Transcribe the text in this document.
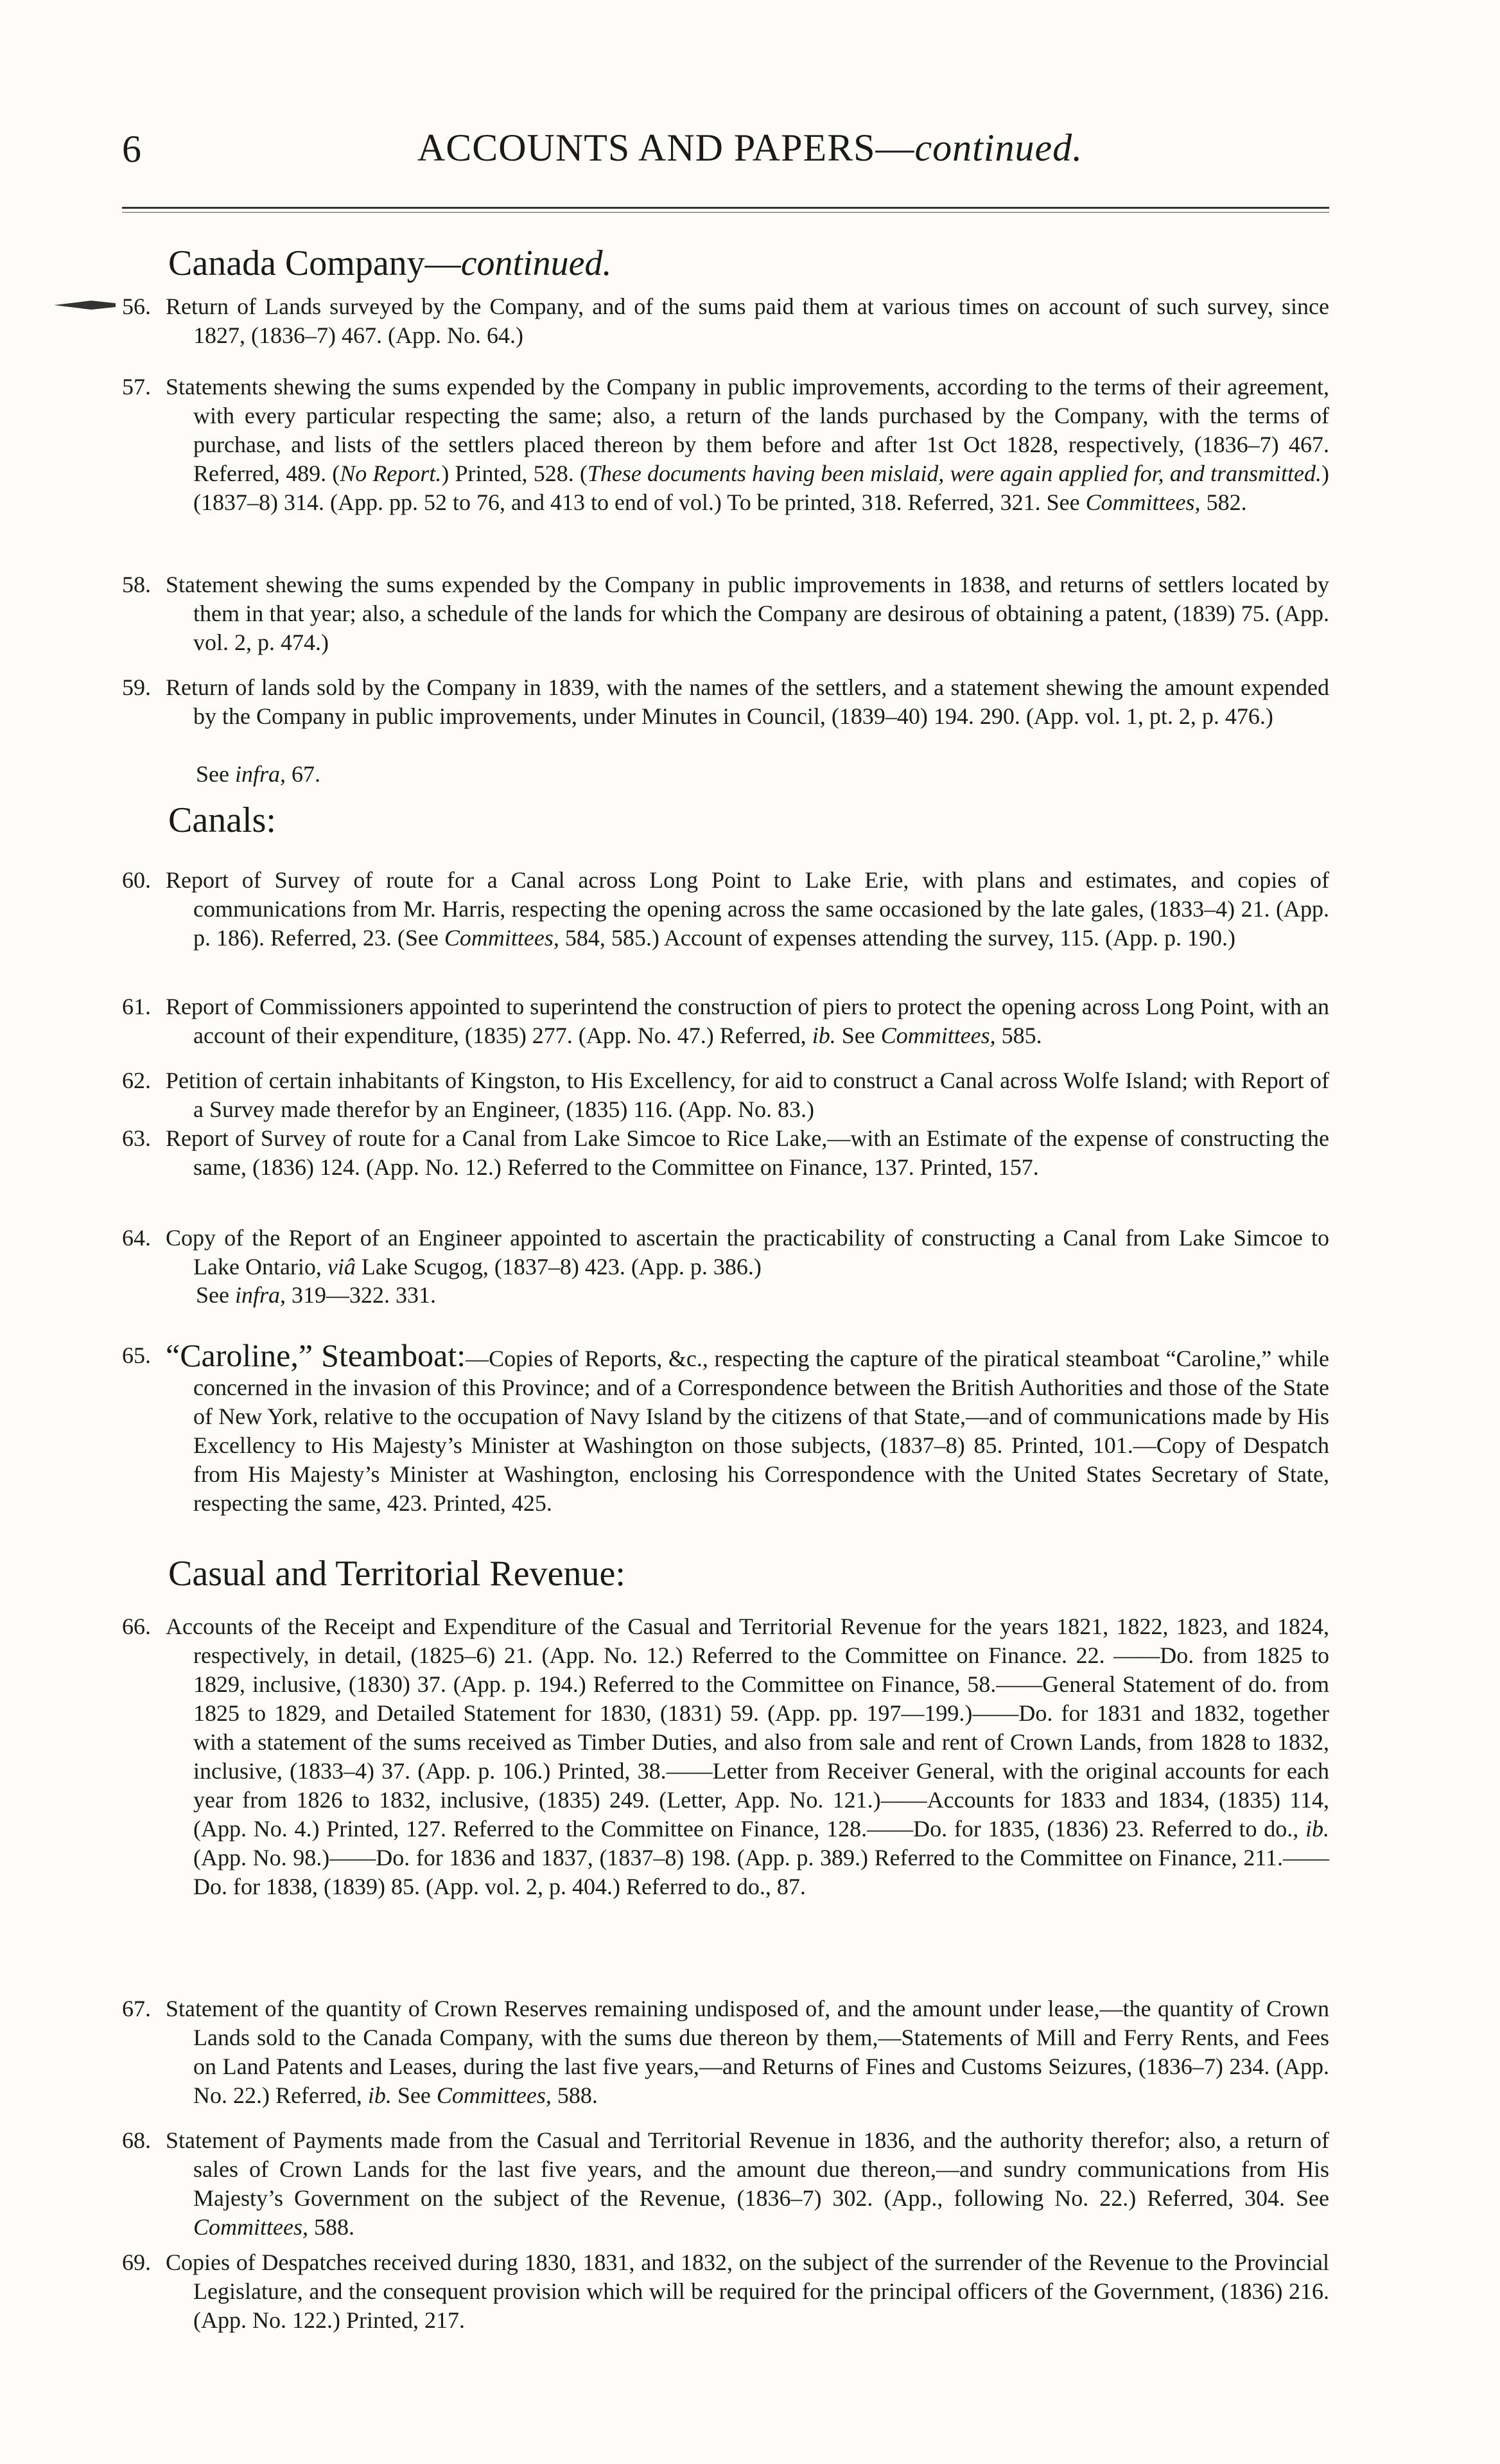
6	ACCOUNTS AND PAPERS—continued.
Canada Company—continued.
56. Return of Lands surveyed by the Company, and of the sums paid them at various times on account of such survey, since 1827, (1836–7) 467. (App. No. 64.)
57. Statements shewing the sums expended by the Company in public improvements, according to the terms of their agreement, with every particular respecting the same; also, a return of the lands purchased by the Company, with the terms of purchase, and lists of the settlers placed thereon by them before and after 1st Oct 1828, respectively, (1836–7) 467. Referred, 489. (No Report.) Printed, 528. (These documents having been mislaid, were again applied for, and transmitted.) (1837–8) 314. (App. pp. 52 to 76, and 413 to end of vol.) To be printed, 318. Referred, 321. See Committees, 582.
58. Statement shewing the sums expended by the Company in public improvements in 1838, and returns of settlers located by them in that year; also, a schedule of the lands for which the Company are desirous of obtaining a patent, (1839) 75. (App. vol. 2, p. 474.)
59. Return of lands sold by the Company in 1839, with the names of the settlers, and a statement shewing the amount expended by the Company in public improvements, under Minutes in Council, (1839–40) 194. 290. (App. vol. 1, pt. 2, p. 476.)
See infra, 67.
Canals:
60. Report of Survey of route for a Canal across Long Point to Lake Erie, with plans and estimates, and copies of communications from Mr. Harris, respecting the opening across the same occasioned by the late gales, (1833–4) 21. (App. p. 186). Referred, 23. (See Committees, 584, 585.) Account of expenses attending the survey, 115. (App. p. 190.)
61. Report of Commissioners appointed to superintend the construction of piers to protect the opening across Long Point, with an account of their expenditure, (1835) 277. (App. No. 47.) Referred, ib. See Committees, 585.
62. Petition of certain inhabitants of Kingston, to His Excellency, for aid to construct a Canal across Wolfe Island; with Report of a Survey made therefor by an Engineer, (1835) 116. (App. No. 83.)
63. Report of Survey of route for a Canal from Lake Simcoe to Rice Lake,—with an Estimate of the expense of constructing the same, (1836) 124. (App. No. 12.) Referred to the Committee on Finance, 137. Printed, 157.
64. Copy of the Report of an Engineer appointed to ascertain the practicability of constructing a Canal from Lake Simcoe to Lake Ontario, viâ Lake Scugog, (1837–8) 423. (App. p. 386.)
See infra, 319—322. 331.
65. “Caroline,” Steamboat:—Copies of Reports, &c., respecting the capture of the piratical steamboat “Caroline,” while concerned in the invasion of this Province; and of a Correspondence between the British Authorities and those of the State of New York, relative to the occupation of Navy Island by the citizens of that State,—and of communications made by His Excellency to His Majesty’s Minister at Washington on those subjects, (1837–8) 85. Printed, 101.—Copy of Despatch from His Majesty’s Minister at Washington, enclosing his Correspondence with the United States Secretary of State, respecting the same, 423. Printed, 425.
Casual and Territorial Revenue:
66. Accounts of the Receipt and Expenditure of the Casual and Territorial Revenue for the years 1821, 1822, 1823, and 1824, respectively, in detail, (1825–6) 21. (App. No. 12.) Referred to the Committee on Finance. 22. ——Do. from 1825 to 1829, inclusive, (1830) 37. (App. p. 194.) Referred to the Committee on Finance, 58.——General Statement of do. from 1825 to 1829, and Detailed Statement for 1830, (1831) 59. (App. pp. 197—199.)——Do. for 1831 and 1832, together with a statement of the sums received as Timber Duties, and also from sale and rent of Crown Lands, from 1828 to 1832, inclusive, (1833–4) 37. (App. p. 106.) Printed, 38.——Letter from Receiver General, with the original accounts for each year from 1826 to 1832, inclusive, (1835) 249. (Letter, App. No. 121.)——Accounts for 1833 and 1834, (1835) 114, (App. No. 4.) Printed, 127. Referred to the Committee on Finance, 128.——Do. for 1835, (1836) 23. Referred to do., ib. (App. No. 98.)——Do. for 1836 and 1837, (1837–8) 198. (App. p. 389.) Referred to the Committee on Finance, 211.——Do. for 1838, (1839) 85. (App. vol. 2, p. 404.) Referred to do., 87.
67. Statement of the quantity of Crown Reserves remaining undisposed of, and the amount under lease,—the quantity of Crown Lands sold to the Canada Company, with the sums due thereon by them,—Statements of Mill and Ferry Rents, and Fees on Land Patents and Leases, during the last five years,—and Returns of Fines and Customs Seizures, (1836–7) 234. (App. No. 22.) Referred, ib. See Committees, 588.
68. Statement of Payments made from the Casual and Territorial Revenue in 1836, and the authority therefor; also, a return of sales of Crown Lands for the last five years, and the amount due thereon,—and sundry communications from His Majesty’s Government on the subject of the Revenue, (1836–7) 302. (App., following No. 22.) Referred, 304. See Committees, 588.
69. Copies of Despatches received during 1830, 1831, and 1832, on the subject of the surrender of the Revenue to the Provincial Legislature, and the consequent provision which will be required for the principal officers of the Government, (1836) 216. (App. No. 122.) Printed, 217.
